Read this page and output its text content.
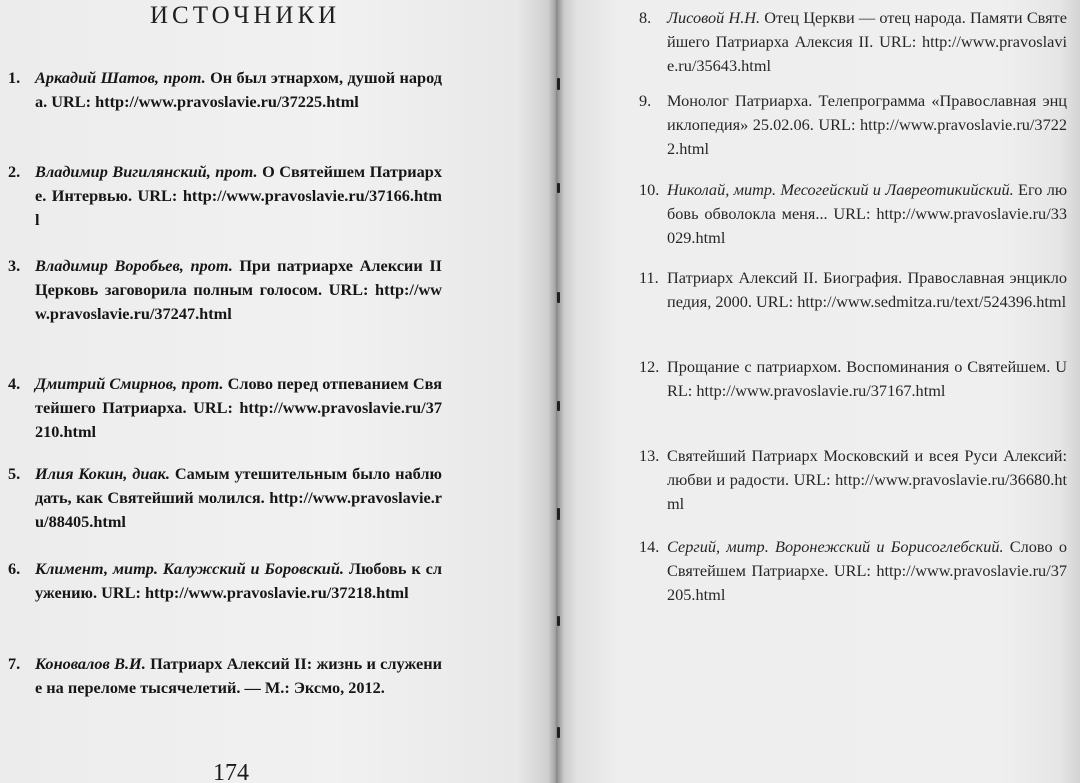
ИСТОЧНИКИ
1. Аркадий Шатов, прот. Он был этнархом, душой народа. URL: http://www.pravoslavie.ru/37225.html
2. Владимир Вигилянский, прот. О Святейшем Патриархе. Интервью. URL: http://www.pravoslavie.ru/37166.html
3. Владимир Воробьев, прот. При патриархе Алексии II Церковь заговорила полным голосом. URL: http://www.pravoslavie.ru/37247.html
4. Дмитрий Смирнов, прот. Слово перед отпеванием Святейшего Патриарха. URL: http://www.pravoslavie.ru/37210.html
5. Илия Кокин, диак. Самым утешительным было наблюдать, как Святейший молился. http://www.pravoslavie.ru/88405.html
6. Климент, митр. Калужский и Боровский. Любовь к служению. URL: http://www.pravoslavie.ru/37218.html
7. Коновалов В.И. Патриарх Алексий II: жизнь и служение на переломе тысячелетий. — М.: Эксмо, 2012.
174
8. Лисовой Н.Н. Отец Церкви — отец народа. Памяти Святейшего Патриарха Алексия II. URL: http://www.pravoslavie.ru/35643.html
9. Монолог Патриарха. Телепрограмма «Православная энциклопедия» 25.02.06. URL: http://www.pravoslavie.ru/37222.html
10. Николай, митр. Месогейский и Лавреотикийский. Его любовь обволокла меня... URL: http://www.pravoslavie.ru/33029.html
11. Патриарх Алексий II. Биография. Православная энциклопедия, 2000. URL: http://www.sedmitza.ru/text/524396.html
12. Прощание с патриархом. Воспоминания о Святейшем. URL: http://www.pravoslavie.ru/37167.html
13. Святейший Патриарх Московский и всея Руси Алексий: любви и радости. URL: http://www.pravoslavie.ru/36680.html
14. Сергий, митр. Воронежский и Борисоглебский. Слово о Святейшем Патриархе. URL: http://www.pravoslavie.ru/37205.html
